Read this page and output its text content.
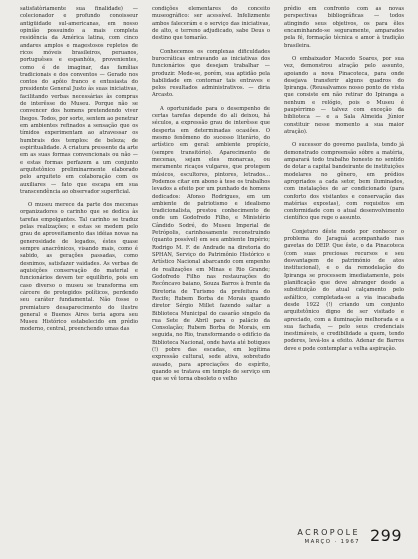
satisfatòriamente sua finalidade) — colecionador e profundo conoisseur antigüidade sul-americanas, em nosso opinião possuindo a mais completa residência da América latina, com cinco andares amplos e magestosos repletos de ricos móveis brasileiros, peruanos, portuguêses e espanhóis, provenientes, como é de imaginar, das famílias tradicionais e dos conventos — Gerado nos contos do apôio franco e entusiasta do presidente General Justo às suas iniciativas, facilitando verbas necessárias às compras de interêsse do Museu. Porque não se convencer dos homens pretendendo viver lhegos. Todos, por sorte, sentem ao penetrar em ambientes refinados a sensação que os tímidos experimentam ao atravessar os humbrais dos templos: de beleza; de espiritualidade. A criatura pressente da arte em as suas formas convencionais ou não — e estas formas perfazem a um conjunto arquitetônico preliminarmente elaborado pelo arquiteto em colaboração com os auxiliares — fato que escapa em sua transcendência ao observador superficial.

O museu merece da parte dos mecenas organizadores o carinho que se dedica às tarefas empolgantes. Tal carinho se traduz pelas realizações; e estas se medem pelo grau de aproveitamento das idéias novas na generosidade de legados, éstes quase sempre anacrônicos, visando mais, como é sabido, as gerações passadas, como desnimos, satisfazer vaidades. As verbas de aquisições conservação do material e funcionários devem ter equilíbrio, pois em caso diverso o museu se transforma em cárcere de protegidos políticos, perdendo seu caráter fundamental. Não fosse o premiaturo desaparecimento do ilustre general e Buenos Aires teria agora seu Museu Histórico estabelecido em prédio moderno, central, preenchendo umas das

condições elementares do conceito museográfico: ser acessível. Infelizmente ambos falecerám e o serviço das iniciativas, de alto, e terreno adjudicado, sabe Deus o destino que tomarão.

Conhecemos os complexas dificuldades burocráticas entravando as iniciativas dos funcionários que desejam trabalhar — produzir. Mede-se, porém, sua aptidão pela habilidade em contornar tais entraves e pelos resultados administrativos. — diria Arcasto.

A oportunidade para o desempenho de certas tarefas depende do ali deixou, há séculos, a expressão grau de interêsse que desperta em determinadas ocasiões. O mesmo fenômeno do sucesso literário, do artístico em geral: ambiente propício, (sempre transitório). Aparecimento de mecenas, sejam eles monarcas, ou meramente ricaços vulgares, que protegem músicos, escultores, pintores, letrados... Podemos citar em abono à tese os trabalhos levados a efeito por um punhado de homens dedicados: Afonso Rodrigues, em um ambiente de patriotismo e idealismo tradicionalista, prestou conhecimento de onde um Godofredo Filho, e Ministério Cândido Sodré, do Museu Imperial de Petrópolis, carinhosamente reconstruindo (quanto possível) em seu ambiente Império; Rodrigo M. F. de Andrade na diretoria do SPHAN, Serviço do Patrimônio Histórico e Artístico Nacional abarcando com empenho de realizações em Minas e Rio Grande; Godofredo Filho nas restaurações do Recôncavo baiano, Souza Barros à frente da Diretoria de Turismo da prefeitura do Recife; Rubem Borba de Morais quando diretor Sérgio Millet fazendo saltar a Biblioteca Municipal do casarão singelo da rua Sete de Abril para o palácio da Consolação; Rubem Borba de Morais, em seguida, no Rio, transformando o edifício da Biblioteca Nacional, onde havia até botiques (!) pobre das escadas, em legítima expressão cultural, sede ativa, sobretudo ausado, para apreciações do espírito, quando se tratava em templo de serviço em que se vê torna obsoleto o velho

prédio em confronto com as novas perspectivas bibliográficas — todos atingindo seus objetivos, os para êles encaminhando-se seguramente, amparados pela fé, formação técnica e amor à tradição brasileira.

O embaixador Macedo Soares, por sua vez, demonstrou atração pelo assunto, apoiando a nova Pinacoteca, para onde desejava transferir alguns quadros do Ipiranga. (Reusalvamos nosso ponto de vista que consiste em não retirar do Ipiranga a nenhum e relógio, pois o Museu é paupérrimo — talvez com exceção da biblioteca — e a Sala Almeida Júnior constituir nesse momento a sua maior atração).

O sucessor do governo paulista, tendo já demonstrado compreensão sóbre a matéria, amparará todo trabalho honesto no sentido de dotar a capital bandeirante de instituições modelares no gênero, em prédios apropriados a cada setor, bem iluminados, com instalações de ar condicionado (para conforto dos visitantes e conservação das matérias expostas), com requisitos em conformidade com o atual desenvolvimento científico que rege o assunto.

Conjeturo dêste modo por conhecer o problema do Jaraguá acompanhado nas gavetas do DEIP. Que êste, o da Pinacoteca (com suas preciosas recursos e seu desvantagem de património de atos institucional), e o da remodelação do Ipiranga se processem imediatamente, pois planificação que deve abranger desde a substituição do atual calçamento pelo asfáltico, completada-se a via inacabada desde 1922 (!) criando um conjunto arquitetônico digno de ser visitado e apreciado, com a iluminação melhorada e a sua fachada, — pelo seus credenciais inestimáveis, e credibilidade a quem, tendo poderes, levá-los a efeito. Adenar de Barros deve e pode contemplar a velha aspiração.

ACROPOLE
MARÇO · 1967 299
